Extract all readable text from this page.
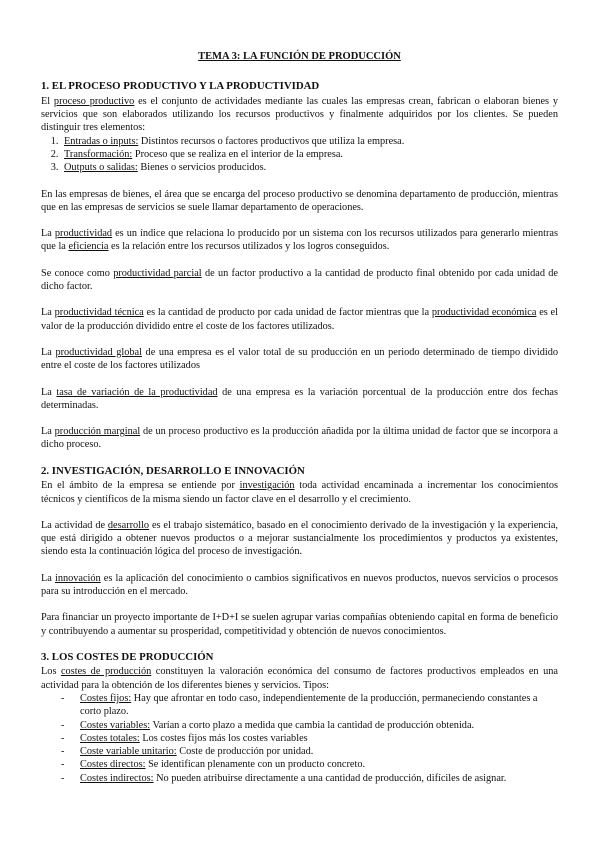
TEMA 3: LA FUNCIÓN DE PRODUCCIÓN
1. EL PROCESO PRODUCTIVO Y LA PRODUCTIVIDAD

El proceso productivo es el conjunto de actividades mediante las cuales las empresas crean, fabrican o elaboran bienes y servicios que son elaborados utilizando los recursos productivos y finalmente adquiridos por los clientes. Se pueden distinguir tres elementos:

1. Entradas o inputs: Distintos recursos o factores productivos que utiliza la empresa.
2. Transformación: Proceso que se realiza en el interior de la empresa.
3. Outputs o salidas: Bienes o servicios producidos.

En las empresas de bienes, el área que se encarga del proceso productivo se denomina departamento de producción, mientras que en las empresas de servicios se suele llamar departamento de operaciones.

La productividad es un índice que relaciona lo producido por un sistema con los recursos utilizados para generarlo mientras que la eficiencia es la relación entre los recursos utilizados y los logros conseguidos.

Se conoce como productividad parcial de un factor productivo a la cantidad de producto final obtenido por cada unidad de dicho factor.

La productividad técnica es la cantidad de producto por cada unidad de factor mientras que la productividad económica es el valor de la producción dividido entre el coste de los factores utilizados.

La productividad global de una empresa es el valor total de su producción en un periodo determinado de tiempo dividido entre el coste de los factores utilizados

La tasa de variación de la productividad de una empresa es la variación porcentual de la producción entre dos fechas determinadas.

La producción marginal de un proceso productivo es la producción añadida por la última unidad de factor que se incorpora a dicho proceso.

2. INVESTIGACIÓN, DESARROLLO E INNOVACIÓN

En el ámbito de la empresa se entiende por investigación toda actividad encaminada a incrementar los conocimientos técnicos y científicos de la misma siendo un factor clave en el desarrollo y el crecimiento.

La actividad de desarrollo es el trabajo sistemático, basado en el conocimiento derivado de la investigación y la experiencia, que está dirigido a obtener nuevos productos o a mejorar sustancialmente los procedimientos y productos ya existentes, siendo esta la continuación lógica del proceso de investigación.

La innovación es la aplicación del conocimiento o cambios significativos en nuevos productos, nuevos servicios o procesos para su introducción en el mercado.

Para financiar un proyecto importante de I+D+I se suelen agrupar varias compañías obteniendo capital en forma de beneficio y contribuyendo a aumentar su prosperidad, competitividad y obtención de nuevos conocimientos.

3. LOS COSTES DE PRODUCCIÓN

Los costes de producción constituyen la valoración económica del consumo de factores productivos empleados en una actividad para la obtención de los diferentes bienes y servicios. Tipos:

- Costes fijos: Hay que afrontar en todo caso, independientemente de la producción, permaneciendo constantes a corto plazo.
- Costes variables: Varían a corto plazo a medida que cambia la cantidad de producción obtenida.
- Costes totales: Los costes fijos más los costes variables
- Coste variable unitario: Coste de producción por unidad.
- Costes directos: Se identifican plenamente con un producto concreto.
- Costes indirectos: No pueden atribuirse directamente a una cantidad de producción, difíciles de asignar.
